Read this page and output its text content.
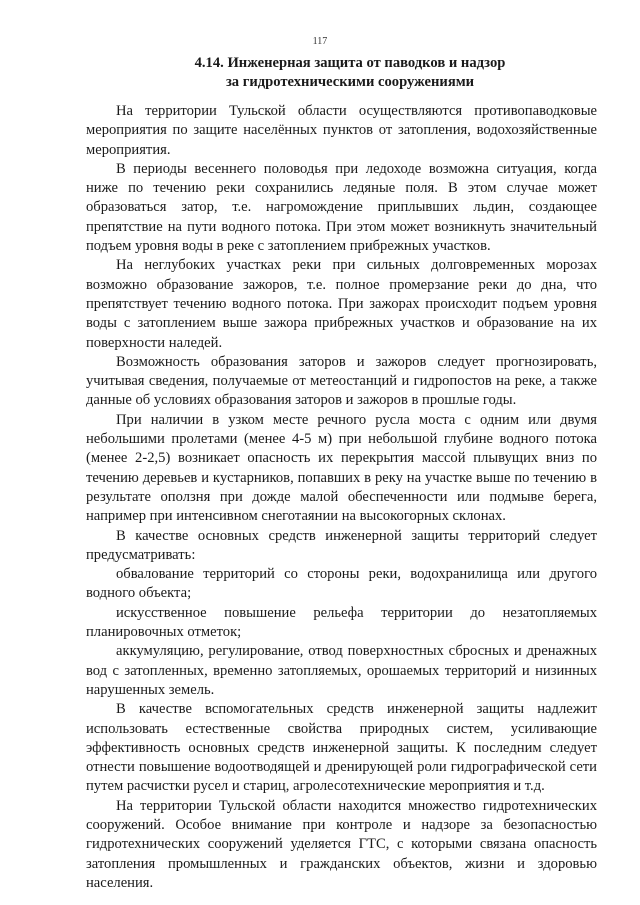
117
4.14. Инженерная защита от паводков и надзор
за гидротехническими сооружениями

На территории Тульской области осуществляются противопаводковые мероприятия по защите населённых пунктов от затопления, водохозяйственные мероприятия.

В периоды весеннего половодья при ледоходе возможна ситуация, когда ниже по течению реки сохранились ледяные поля. В этом случае может образоваться затор, т.е. нагромождение приплывших льдин, создающее препятствие на пути водного потока. При этом может возникнуть значительный подъем уровня воды в реке с затоплением прибрежных участков.

На неглубоких участках реки при сильных долговременных морозах возможно образование зажоров, т.е. полное промерзание реки до дна, что препятствует течению водного потока. При зажорах происходит подъем уровня воды с затоплением выше зажора прибрежных участков и образование на их поверхности наледей.

Возможность образования заторов и зажоров следует прогнозировать, учитывая сведения, получаемые от метеостанций и гидропостов на реке, а также данные об условиях образования заторов и зажоров в прошлые годы.

При наличии в узком месте речного русла моста с одним или двумя небольшими пролетами (менее 4-5 м) при небольшой глубине водного потока (менее 2-2,5) возникает опасность их перекрытия массой плывущих вниз по течению деревьев и кустарников, попавших в реку на участке выше по течению в результате оползня при дожде малой обеспеченности или подмыве берега, например при интенсивном снеготаянии на высокогорных склонах.

В качестве основных средств инженерной защиты территорий следует предусматривать:

обвалование территорий со стороны реки, водохранилища или другого водного объекта;

искусственное повышение рельефа территории до незатопляемых планировочных отметок;

аккумуляцию, регулирование, отвод поверхностных сбросных и дренажных вод с затопленных, временно затопляемых, орошаемых территорий и низинных нарушенных земель.

В качестве вспомогательных средств инженерной защиты надлежит использовать естественные свойства природных систем, усиливающие эффективность основных средств инженерной защиты. К последним следует отнести повышение водоотводящей и дренирующей роли гидрографической сети путем расчистки русел и стариц, агролесотехнические мероприятия и т.д.

На территории Тульской области находится множество гидротехнических сооружений. Особое внимание при контроле и надзоре за безопасностью гидротехнических сооружений уделяется ГТС, с которыми связана опасность затопления промышленных и гражданских объектов, жизни и здоровью населения.
